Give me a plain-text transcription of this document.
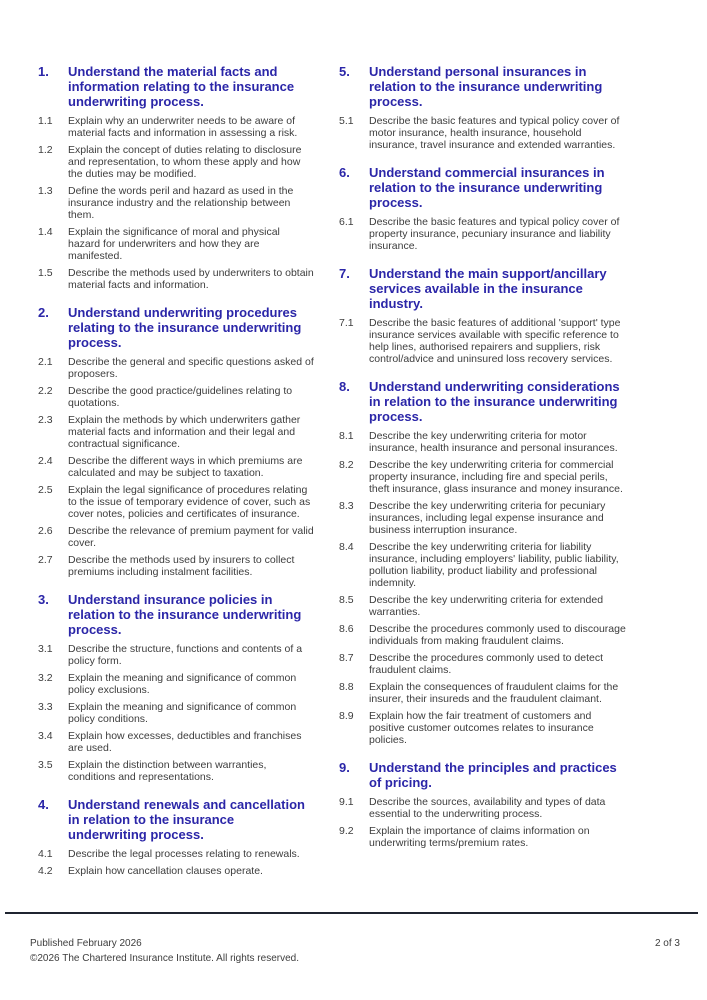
1.	Understand the material facts and information relating to the insurance underwriting process.
1.1	Explain why an underwriter needs to be aware of material facts and information in assessing a risk.

1.2	Explain the concept of duties relating to disclosure and representation, to whom these apply and how the duties may be modified.

1.3	Define the words peril and hazard as used in the insurance industry and the relationship between them.

1.4	Explain the significance of moral and physical hazard for underwriters and how they are manifested.

1.5	Describe the methods used by underwriters to obtain material facts and information.

2.	Understand underwriting procedures relating to the insurance underwriting process.
2.1	Describe the general and specific questions asked of proposers.

2.2	Describe the good practice/guidelines relating to quotations.

2.3	Explain the methods by which underwriters gather material facts and information and their legal and contractual significance.

2.4	Describe the different ways in which premiums are calculated and may be subject to taxation.

2.5	Explain the legal significance of procedures relating to the issue of temporary evidence of cover, such as cover notes, policies and certificates of insurance.

2.6	Describe the relevance of premium payment for valid cover.

2.7	Describe the methods used by insurers to collect premiums including instalment facilities.

3.	Understand insurance policies in relation to the insurance underwriting process.
3.1	Describe the structure, functions and contents of a policy form.

3.2	Explain the meaning and significance of common policy exclusions.

3.3	Explain the meaning and significance of common policy conditions.

3.4	Explain how excesses, deductibles and franchises are used.

3.5	Explain the distinction between warranties, conditions and representations.

4.	Understand renewals and cancellation in relation to the insurance underwriting process.
4.1	Describe the legal processes relating to renewals.

4.2	Explain how cancellation clauses operate.

5.	Understand personal insurances in relation to the insurance underwriting process.
5.1	Describe the basic features and typical policy cover of motor insurance, health insurance, household insurance, travel insurance and extended warranties.

6.	Understand commercial insurances in relation to the insurance underwriting process.
6.1	Describe the basic features and typical policy cover of property insurance, pecuniary insurance and liability insurance.

7.	Understand the main support/ancillary services available in the insurance industry.
7.1	Describe the basic features of additional 'support' type insurance services available with specific reference to help lines, authorised repairers and suppliers, risk control/advice and uninsured loss recovery services.

8.	Understand underwriting considerations in relation to the insurance underwriting process.
8.1	Describe the key underwriting criteria for motor insurance, health insurance and personal insurances.

8.2	Describe the key underwriting criteria for commercial property insurance, including fire and special perils, theft insurance, glass insurance and money insurance.

8.3	Describe the key underwriting criteria for pecuniary insurances, including legal expense insurance and business interruption insurance.

8.4	Describe the key underwriting criteria for liability insurance, including employers' liability, public liability, pollution liability, product liability and professional indemnity.

8.5	Describe the key underwriting criteria for extended warranties.

8.6	Describe the procedures commonly used to discourage individuals from making fraudulent claims.

8.7	Describe the procedures commonly used to detect fraudulent claims.

8.8	Explain the consequences of fraudulent claims for the insurer, their insureds and the fraudulent claimant.

8.9	Explain how the fair treatment of customers and positive customer outcomes relates to insurance policies.

9.	Understand the principles and practices of pricing.
9.1	Describe the sources, availability and types of data essential to the underwriting process.

9.2	Explain the importance of claims information on underwriting terms/premium rates.

Published February 2026
©2026 The Chartered Insurance Institute. All rights reserved.
2 of 3
